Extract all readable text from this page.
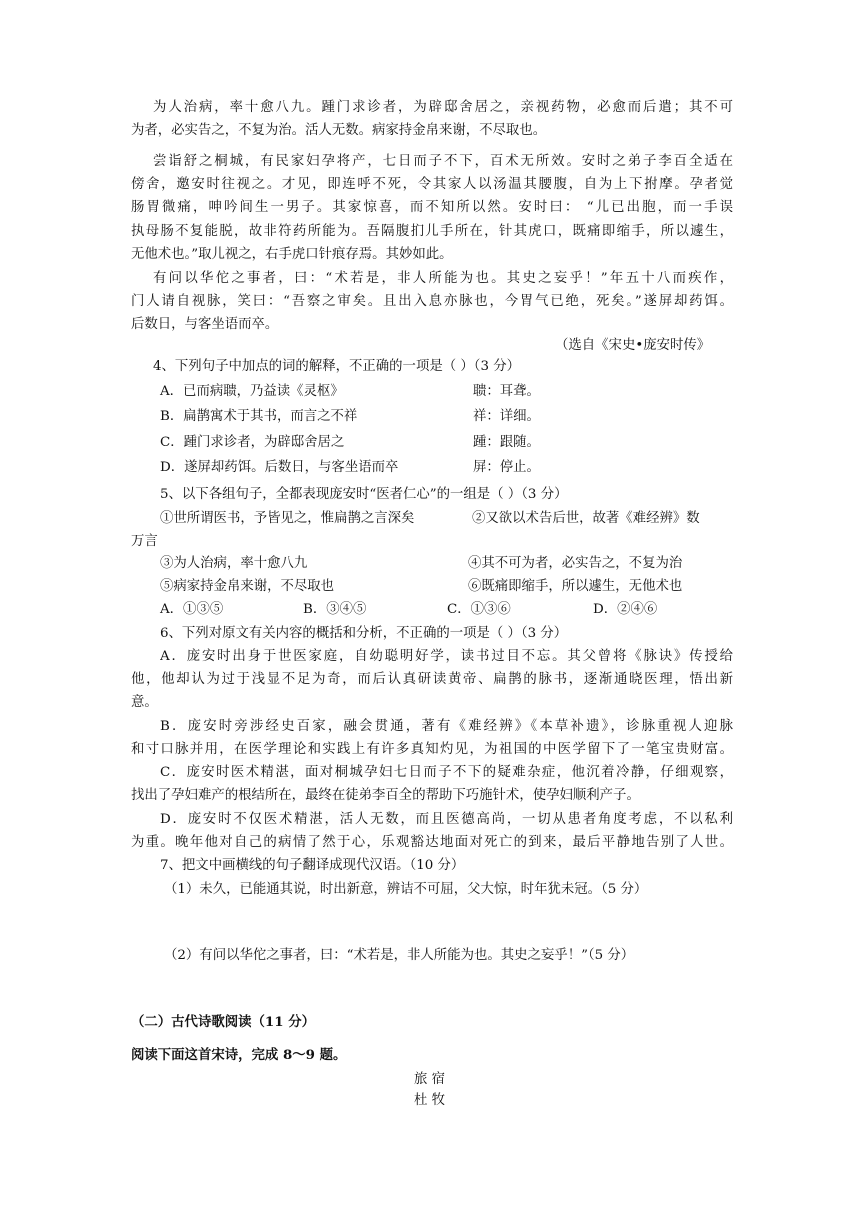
为人治病，率十愈八九。踵门求诊者，为辟邸舍居之，亲视药物，必愈而后遣；其不可
为者，必实告之，不复为治。活人无数。病家持金帛来谢，不尽取也。
尝诣舒之桐城，有民家妇孕将产，七日而子不下，百术无所效。安时之弟子李百全适在
傍舍，邀安时往视之。才见，即连呼不死，令其家人以汤温其腰腹，自为上下拊摩。孕者觉
肠胃微痛，呻吟间生一男子。其家惊喜，而不知所以然。安时曰： “儿已出胞，而一手误
执母肠不复能脱，故非符药所能为。吾隔腹扪儿手所在，针其虎口，既痛即缩手，所以遽生，
无他术也。”取儿视之，右手虎口针痕存焉。其妙如此。
有问以华佗之事者，曰：“术若是，非人所能为也。其史之妄乎！”年五十八而疾作，
门人请自视脉，笑曰：“吾察之审矣。且出入息亦脉也，今胃气已绝，死矣。”遂屏却药饵。
后数日，与客坐语而卒。
（选自《宋史•庞安时传》
4、下列句子中加点的词的解释，不正确的一项是（ ）（3 分）
A．已而病聩，乃益读《灵枢》	聩：耳聋。
B．扁鹊寓术于其书，而言之不祥	祥：详细。
C．踵门求诊者，为辟邸舍居之	踵：跟随。
D．遂屏却药饵。后数日，与客坐语而卒	屏：停止。
5、以下各组句子，全都表现庞安时“医者仁心”的一组是（ ）（3 分）
①世所谓医书，予皆见之，惟扁鹊之言深矣	②又欲以术告后世，故著《难经辨》数
万言
③为人治病，率十愈八九	④其不可为者，必实告之，不复为治
⑤病家持金帛来谢，不尽取也	⑥既痛即缩手，所以遽生，无他术也
A．①③⑤	B．③④⑤	C．①③⑥	D．②④⑥
6、下列对原文有关内容的概括和分析，不正确的一项是（ ）（3 分）
A．庞安时出身于世医家庭，自幼聪明好学，读书过目不忘。其父曾将《脉诀》传授给
他，他却认为过于浅显不足为奇，而后认真研读黄帝、扁鹊的脉书，逐渐通晓医理，悟出新
意。
B．庞安时旁涉经史百家，融会贯通，著有《难经辨》《本草补遗》，诊脉重视人迎脉
和寸口脉并用，在医学理论和实践上有许多真知灼见，为祖国的中医学留下了一笔宝贵财富。
C．庞安时医术精湛，面对桐城孕妇七日而子不下的疑难杂症，他沉着冷静，仔细观察，
找出了孕妇难产的根结所在，最终在徒弟李百全的帮助下巧施针术，使孕妇顺利产子。
D．庞安时不仅医术精湛，活人无数，而且医德高尚，一切从患者角度考虑，不以私利
为重。晚年他对自己的病情了然于心，乐观豁达地面对死亡的到来，最后平静地告别了人世。
7、把文中画横线的句子翻译成现代汉语。（10 分）
（1）未久，已能通其说，时出新意，辨诘不可屈，父大惊，时年犹未冠。（5 分）
（2）有问以华佗之事者，曰：“术若是，非人所能为也。其史之妄乎！”（5 分）
（二）古代诗歌阅读（11 分）
阅读下面这首宋诗，完成 8～9 题。
旅 宿
杜 牧
